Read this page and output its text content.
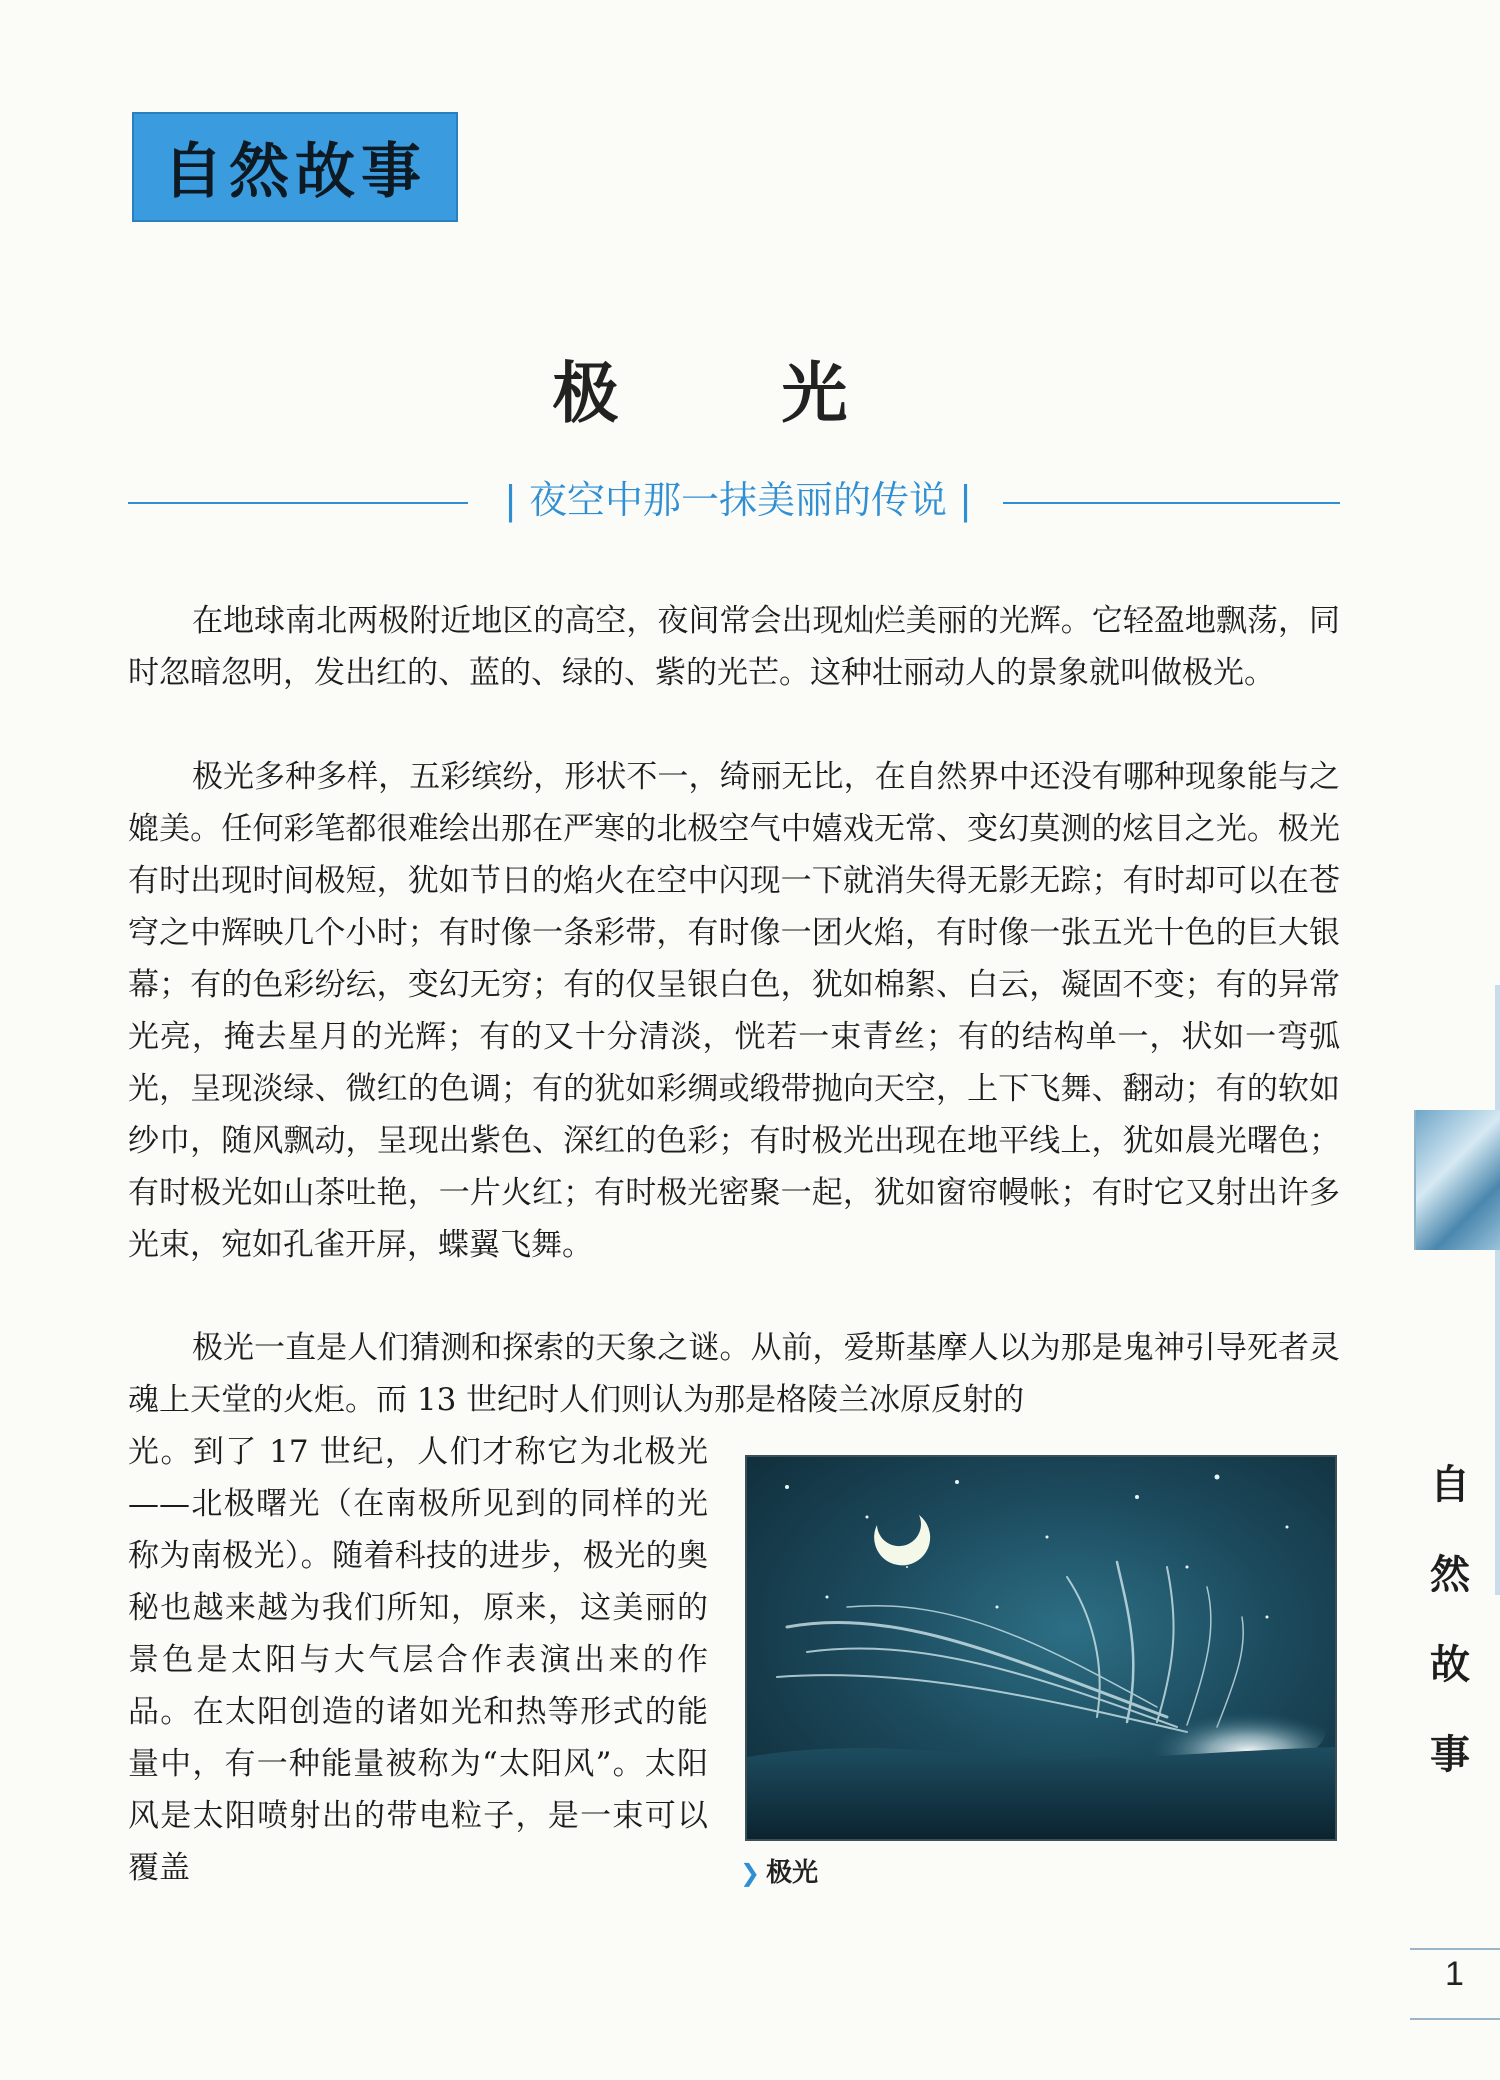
自然故事
极 光
| 夜空中那一抹美丽的传说 |

在地球南北两极附近地区的高空，夜间常会出现灿烂美丽的光辉。它轻盈地飘荡，同时忽暗忽明，发出红的、蓝的、绿的、紫的光芒。这种壮丽动人的景象就叫做极光。

极光多种多样，五彩缤纷，形状不一，绮丽无比，在自然界中还没有哪种现象能与之媲美。任何彩笔都很难绘出那在严寒的北极空气中嬉戏无常、变幻莫测的炫目之光。极光有时出现时间极短，犹如节日的焰火在空中闪现一下就消失得无影无踪；有时却可以在苍穹之中辉映几个小时；有时像一条彩带，有时像一团火焰，有时像一张五光十色的巨大银幕；有的色彩纷纭，变幻无穷；有的仅呈银白色，犹如棉絮、白云，凝固不变；有的异常光亮，掩去星月的光辉；有的又十分清淡，恍若一束青丝；有的结构单一，状如一弯弧光，呈现淡绿、微红的色调；有的犹如彩绸或缎带抛向天空，上下飞舞、翻动；有的软如纱巾，随风飘动，呈现出紫色、深红的色彩；有时极光出现在地平线上，犹如晨光曙色；有时极光如山茶吐艳，一片火红；有时极光密聚一起，犹如窗帘幔帐；有时它又射出许多光束，宛如孔雀开屏，蝶翼飞舞。

极光一直是人们猜测和探索的天象之谜。从前，爱斯基摩人以为那是鬼神引导死者灵魂上天堂的火炬。而 13 世纪时人们则认为那是格陵兰冰原反射的

光。到了 17 世纪，人们才称它为北极光——北极曙光（在南极所见到的同样的光称为南极光）。随着科技的进步，极光的奥秘也越来越为我们所知，原来，这美丽的景色是太阳与大气层合作表演出来的作品。在太阳创造的诸如光和热等形式的能量中，有一种能量被称为“太阳风”。太阳风是太阳喷射出的带电粒子，是一束可以覆盖	❯ 极光
自
然
故
事
1
